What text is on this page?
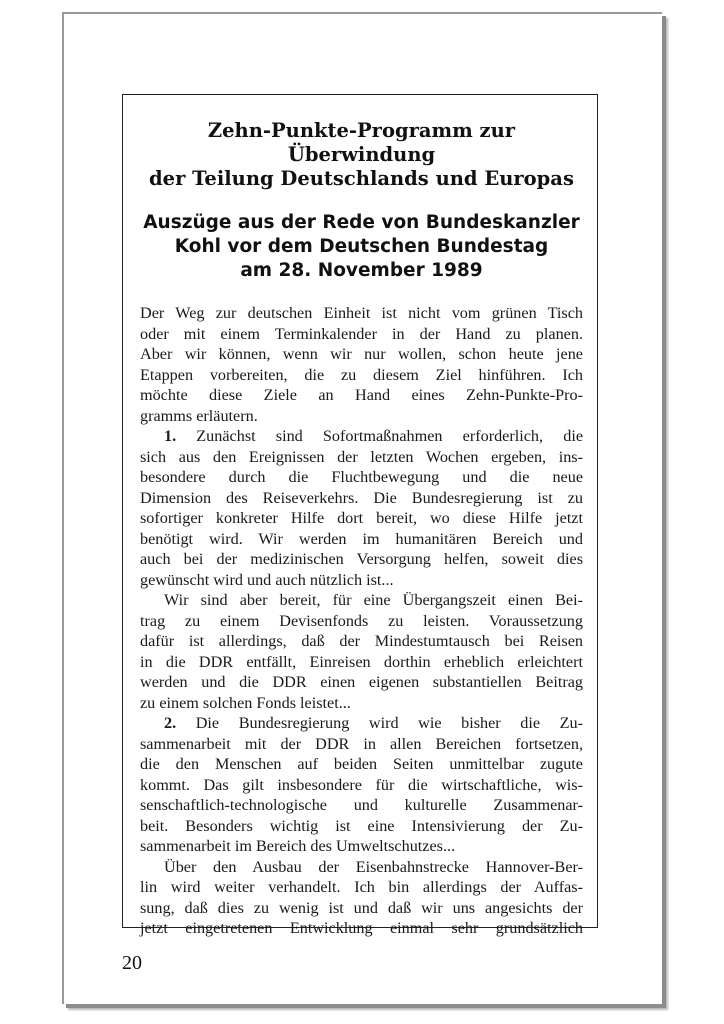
Zehn-Punkte-Programm zur Überwindung
der Teilung Deutschlands und Europas
Auszüge aus der Rede von Bundeskanzler
Kohl vor dem Deutschen Bundestag
am 28. November 1989
Der Weg zur deutschen Einheit ist nicht vom grünen Tisch
oder mit einem Terminkalender in der Hand zu planen.
Aber wir können, wenn wir nur wollen, schon heute jene
Etappen vorbereiten, die zu diesem Ziel hinführen. Ich
möchte diese Ziele an Hand eines Zehn-Punkte-Pro-
gramms erläutern.
1. Zunächst sind Sofortmaßnahmen erforderlich, die
sich aus den Ereignissen der letzten Wochen ergeben, ins-
besondere durch die Fluchtbewegung und die neue
Dimension des Reiseverkehrs. Die Bundesregierung ist zu
sofortiger konkreter Hilfe dort bereit, wo diese Hilfe jetzt
benötigt wird. Wir werden im humanitären Bereich und
auch bei der medizinischen Versorgung helfen, soweit dies
gewünscht wird und auch nützlich ist...
Wir sind aber bereit, für eine Übergangszeit einen Bei-
trag zu einem Devisenfonds zu leisten. Voraussetzung
dafür ist allerdings, daß der Mindestumtausch bei Reisen
in die DDR entfällt, Einreisen dorthin erheblich erleichtert
werden und die DDR einen eigenen substantiellen Beitrag
zu einem solchen Fonds leistet...
2. Die Bundesregierung wird wie bisher die Zu-
sammenarbeit mit der DDR in allen Bereichen fortsetzen,
die den Menschen auf beiden Seiten unmittelbar zugute
kommt. Das gilt insbesondere für die wirtschaftliche, wis-
senschaftlich-technologische und kulturelle Zusammenar-
beit. Besonders wichtig ist eine Intensivierung der Zu-
sammenarbeit im Bereich des Umweltschutzes...
Über den Ausbau der Eisenbahnstrecke Hannover-Ber-
lin wird weiter verhandelt. Ich bin allerdings der Auffas-
sung, daß dies zu wenig ist und daß wir uns angesichts der
jetzt eingetretenen Entwicklung einmal sehr grundsätzlich
20
